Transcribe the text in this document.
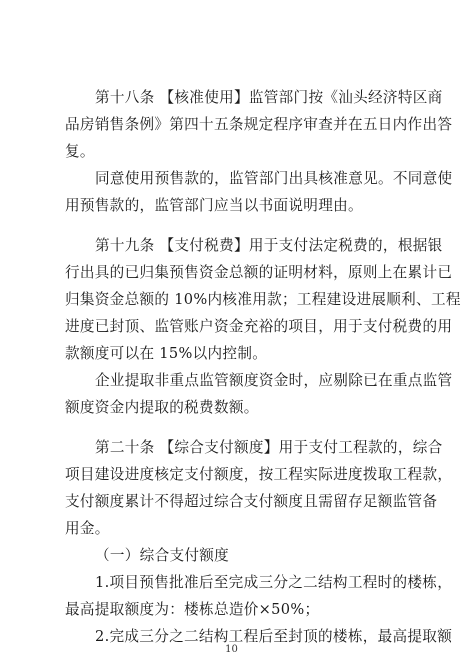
第十八条 【核准使用】监管部门按《汕头经济特区商
品房销售条例》第四十五条规定程序审查并在五日内作出答
复。
同意使用预售款的，监管部门出具核准意见。不同意使
用预售款的，监管部门应当以书面说明理由。
第十九条 【支付税费】用于支付法定税费的，根据银
行出具的已归集预售资金总额的证明材料，原则上在累计已
归集资金总额的 10%内核准用款；工程建设进展顺利、工程
进度已封顶、监管账户资金充裕的项目，用于支付税费的用
款额度可以在 15%以内控制。
企业提取非重点监管额度资金时，应剔除已在重点监管
额度资金内提取的税费数额。
第二十条 【综合支付额度】用于支付工程款的，综合
项目建设进度核定支付额度，按工程实际进度拨取工程款，
支付额度累计不得超过综合支付额度且需留存足额监管备
用金。
（一）综合支付额度
1.项目预售批准后至完成三分之二结构工程时的楼栋，
最高提取额度为：楼栋总造价×50%；
2.完成三分之二结构工程后至封顶的楼栋，最高提取额
10
